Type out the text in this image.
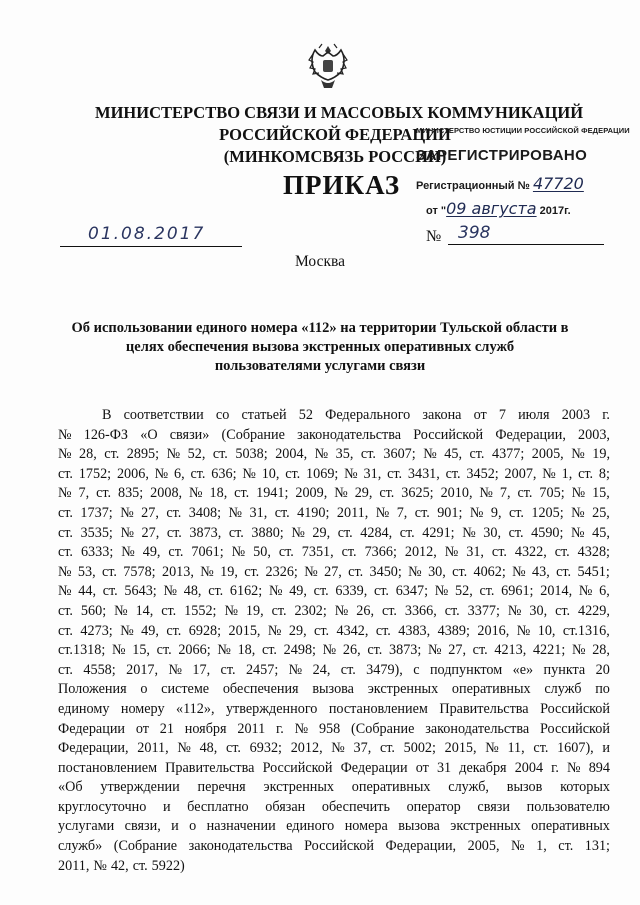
МИНИСТЕРСТВО СВЯЗИ И МАССОВЫХ КОММУНИКАЦИЙ
РОССИЙСКОЙ ФЕДЕРАЦИИ
(МИНКОМСВЯЗЬ РОССИИ)
МИНИСТЕРСТВО ЮСТИЦИИ РОССИЙСКОЙ ФЕДЕРАЦИИ
ЗАРЕГИСТРИРОВАНО
Регистрационный № 47720
от "09 августа 2017г.
ПРИКАЗ
01.08.2017	№ 398
Москва
Об использовании единого номера «112» на территории Тульской области в
целях обеспечения вызова экстренных оперативных служб
пользователями услугами связи
В соответствии со статьей 52 Федерального закона от 7 июля 2003 г.
№ 126-ФЗ «О связи» (Собрание законодательства Российской Федерации, 2003,
№ 28, ст. 2895; № 52, ст. 5038; 2004, № 35, ст. 3607; № 45, ст. 4377; 2005, № 19,
ст. 1752; 2006, № 6, ст. 636; № 10, ст. 1069; № 31, ст. 3431, ст. 3452; 2007, № 1, ст. 8;
№ 7, ст. 835; 2008, № 18, ст. 1941; 2009, № 29, ст. 3625; 2010, № 7, ст. 705; № 15,
ст. 1737; № 27, ст. 3408; № 31, ст. 4190; 2011, № 7, ст. 901; № 9, ст. 1205; № 25,
ст. 3535; № 27, ст. 3873, ст. 3880; № 29, ст. 4284, ст. 4291; № 30, ст. 4590; № 45,
ст. 6333; № 49, ст. 7061; № 50, ст. 7351, ст. 7366; 2012, № 31, ст. 4322, ст. 4328;
№ 53, ст. 7578; 2013, № 19, ст. 2326; № 27, ст. 3450; № 30, ст. 4062; № 43, ст. 5451;
№ 44, ст. 5643; № 48, ст. 6162; № 49, ст. 6339, ст. 6347; № 52, ст. 6961; 2014, № 6,
ст. 560; № 14, ст. 1552; № 19, ст. 2302; № 26, ст. 3366, ст. 3377; № 30, ст. 4229,
ст. 4273; № 49, ст. 6928; 2015, № 29, ст. 4342, ст. 4383, 4389; 2016, № 10, ст.1316,
ст.1318; № 15, ст. 2066; № 18, ст. 2498; № 26, ст. 3873; № 27, ст. 4213, 4221; № 28,
ст. 4558; 2017, № 17, ст. 2457; № 24, ст. 3479), с подпунктом «е» пункта 20
Положения о системе обеспечения вызова экстренных оперативных служб по
единому номеру «112», утвержденного постановлением Правительства Российской
Федерации от 21 ноября 2011 г. № 958 (Собрание законодательства Российской
Федерации, 2011, № 48, ст. 6932; 2012, № 37, ст. 5002; 2015, № 11, ст. 1607), и
постановлением Правительства Российской Федерации от 31 декабря 2004 г. № 894
«Об утверждении перечня экстренных оперативных служб, вызов которых
круглосуточно и бесплатно обязан обеспечить оператор связи пользователю
услугами связи, и о назначении единого номера вызова экстренных оперативных
служб» (Собрание законодательства Российской Федерации, 2005, № 1, ст. 131;
2011, № 42, ст. 5922)
